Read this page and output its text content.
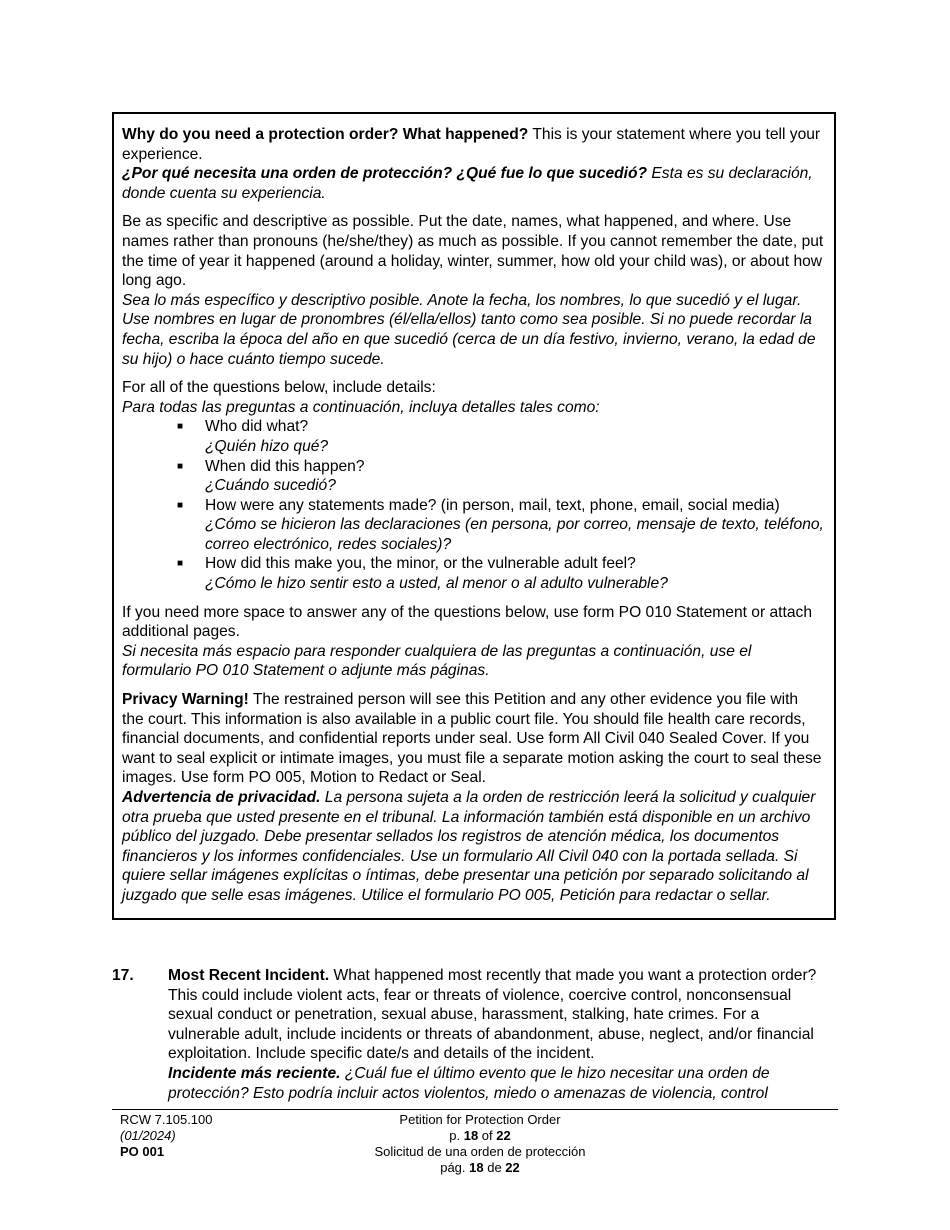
Why do you need a protection order? What happened? This is your statement where you tell your experience.
¿Por qué necesita una orden de protección? ¿Qué fue lo que sucedió? Esta es su declaración, donde cuenta su experiencia.

Be as specific and descriptive as possible. Put the date, names, what happened, and where. Use names rather than pronouns (he/she/they) as much as possible. If you cannot remember the date, put the time of year it happened (around a holiday, winter, summer, how old your child was), or about how long ago.
Sea lo más específico y descriptivo posible. Anote la fecha, los nombres, lo que sucedió y el lugar. Use nombres en lugar de pronombres (él/ella/ellos) tanto como sea posible. Si no puede recordar la fecha, escriba la época del año en que sucedió (cerca de un día festivo, invierno, verano, la edad de su hijo) o hace cuánto tiempo sucede.

For all of the questions below, include details:
Para todas las preguntas a continuación, incluya detalles tales como:

■ Who did what?
¿Quién hizo qué?
■ When did this happen?
¿Cuándo sucedió?
■ How were any statements made? (in person, mail, text, phone, email, social media)
¿Cómo se hicieron las declaraciones (en persona, por correo, mensaje de texto, teléfono, correo electrónico, redes sociales)?
■ How did this make you, the minor, or the vulnerable adult feel?
¿Cómo le hizo sentir esto a usted, al menor o al adulto vulnerable?

If you need more space to answer any of the questions below, use form PO 010 Statement or attach additional pages.
Si necesita más espacio para responder cualquiera de las preguntas a continuación, use el formulario PO 010 Statement o adjunte más páginas.

Privacy Warning! The restrained person will see this Petition and any other evidence you file with the court. This information is also available in a public court file. You should file health care records, financial documents, and confidential reports under seal. Use form All Civil 040 Sealed Cover. If you want to seal explicit or intimate images, you must file a separate motion asking the court to seal these images. Use form PO 005, Motion to Redact or Seal.
Advertencia de privacidad. La persona sujeta a la orden de restricción leerá la solicitud y cualquier otra prueba que usted presente en el tribunal. La información también está disponible en un archivo público del juzgado. Debe presentar sellados los registros de atención médica, los documentos financieros y los informes confidenciales. Use un formulario All Civil 040 con la portada sellada. Si quiere sellar imágenes explícitas o íntimas, debe presentar una petición por separado solicitando al juzgado que selle esas imágenes. Utilice el formulario PO 005, Petición para redactar o sellar.

17. Most Recent Incident. What happened most recently that made you want a protection order? This could include violent acts, fear or threats of violence, coercive control, nonconsensual sexual conduct or penetration, sexual abuse, harassment, stalking, hate crimes. For a vulnerable adult, include incidents or threats of abandonment, abuse, neglect, and/or financial exploitation. Include specific date/s and details of the incident.
Incidente más reciente. ¿Cuál fue el último evento que le hizo necesitar una orden de protección? Esto podría incluir actos violentos, miedo o amenazas de violencia, control
RCW 7.105.100
(01/2024)
PO 001
Petition for Protection Order
p. 18 of 22
Solicitud de una orden de protección
pág. 18 de 22
